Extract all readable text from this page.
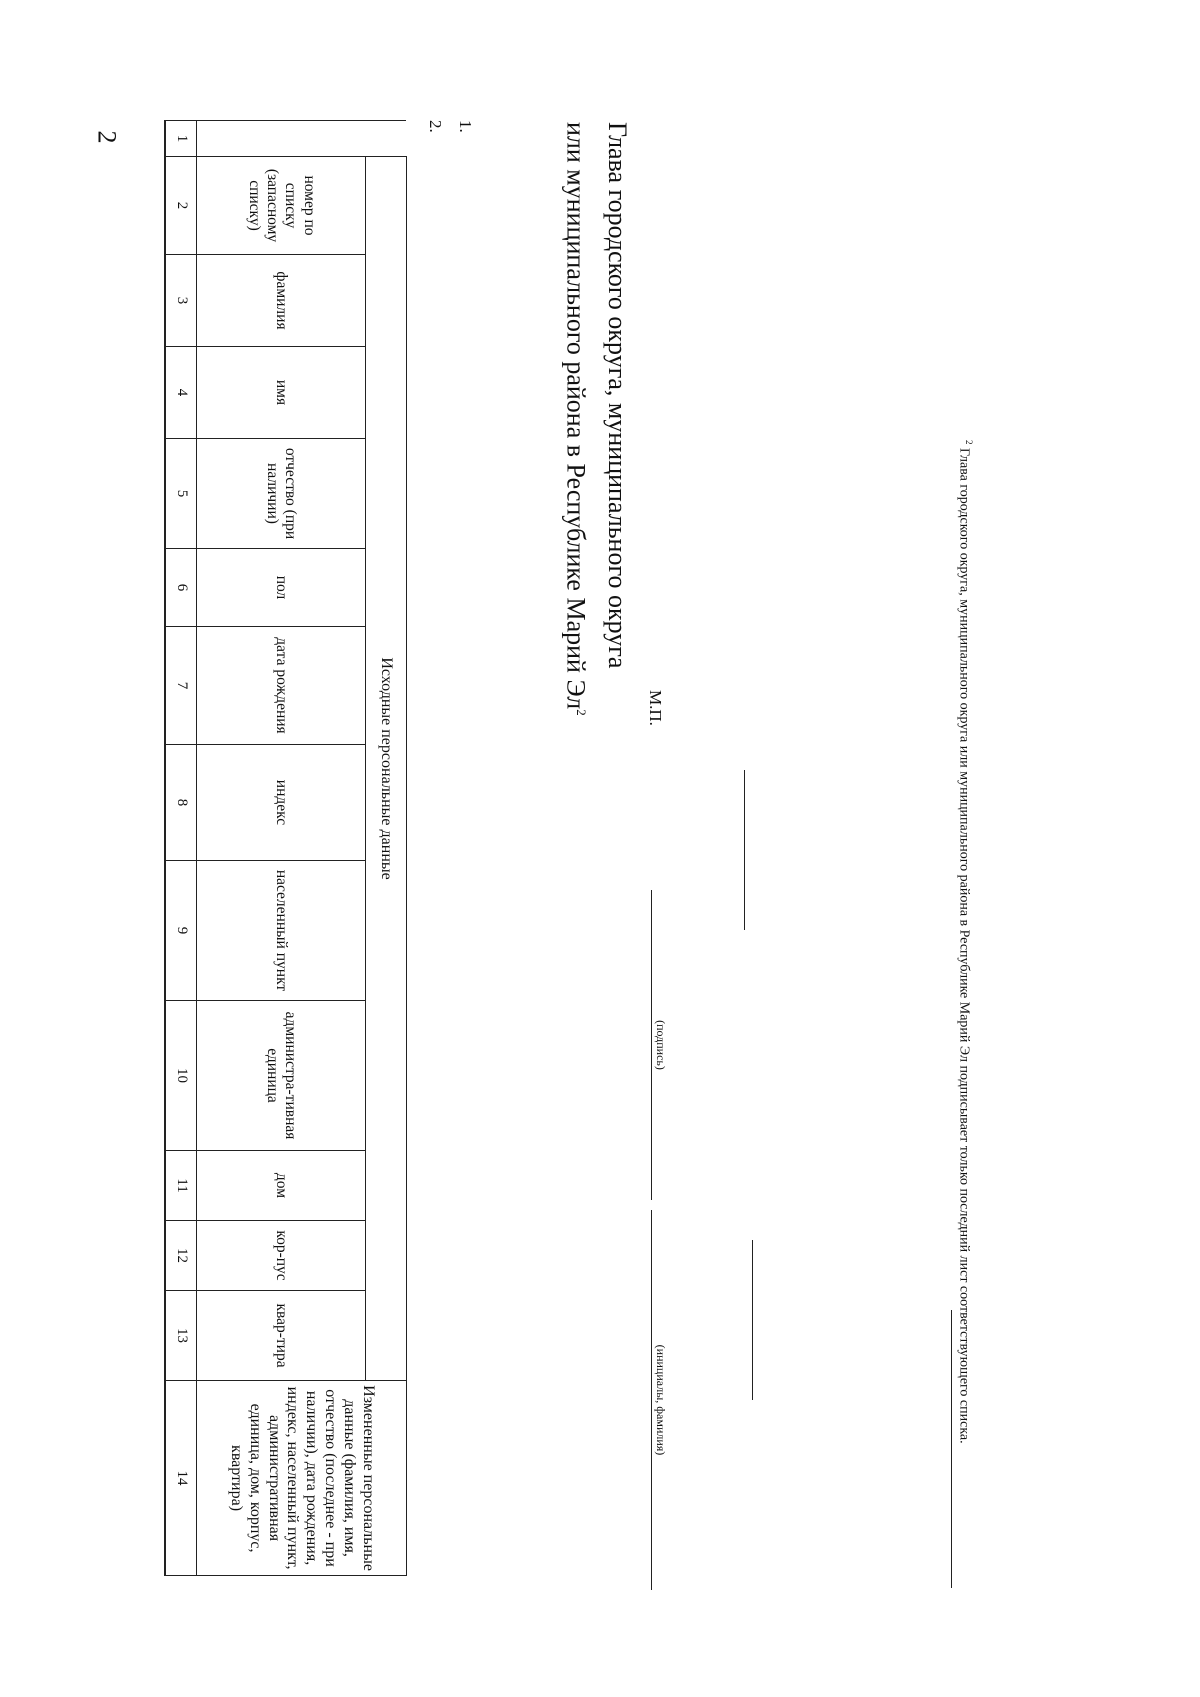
2
	Исходные персональные данные												Измененные персональные данные (фамилия, имя, отчество (последнее - при наличии), дата рождения, индекс, населенный пункт, административная единица, дом, корпус, квартира)
	номер по списку (запасному списку)	фамилия	имя	отчество (при наличии)	пол	дата рождения	индекс	населенный пункт	администра-тивная единица	дом	кор-пус	квар-тира	
1	2	3	4	5	6	7	8	9	10	11	12	13	14
1.
2.	Глава городского округа, муниципального округа
или муниципального района в Республике Марий $Эл^2$	М.П.
(подпись)
(инициалы, фамилия)
$^2$ Глава городского округа, муниципального округа или муниципального района в Республике Марий Эл подписывает только последний лист соответствующего списка.
